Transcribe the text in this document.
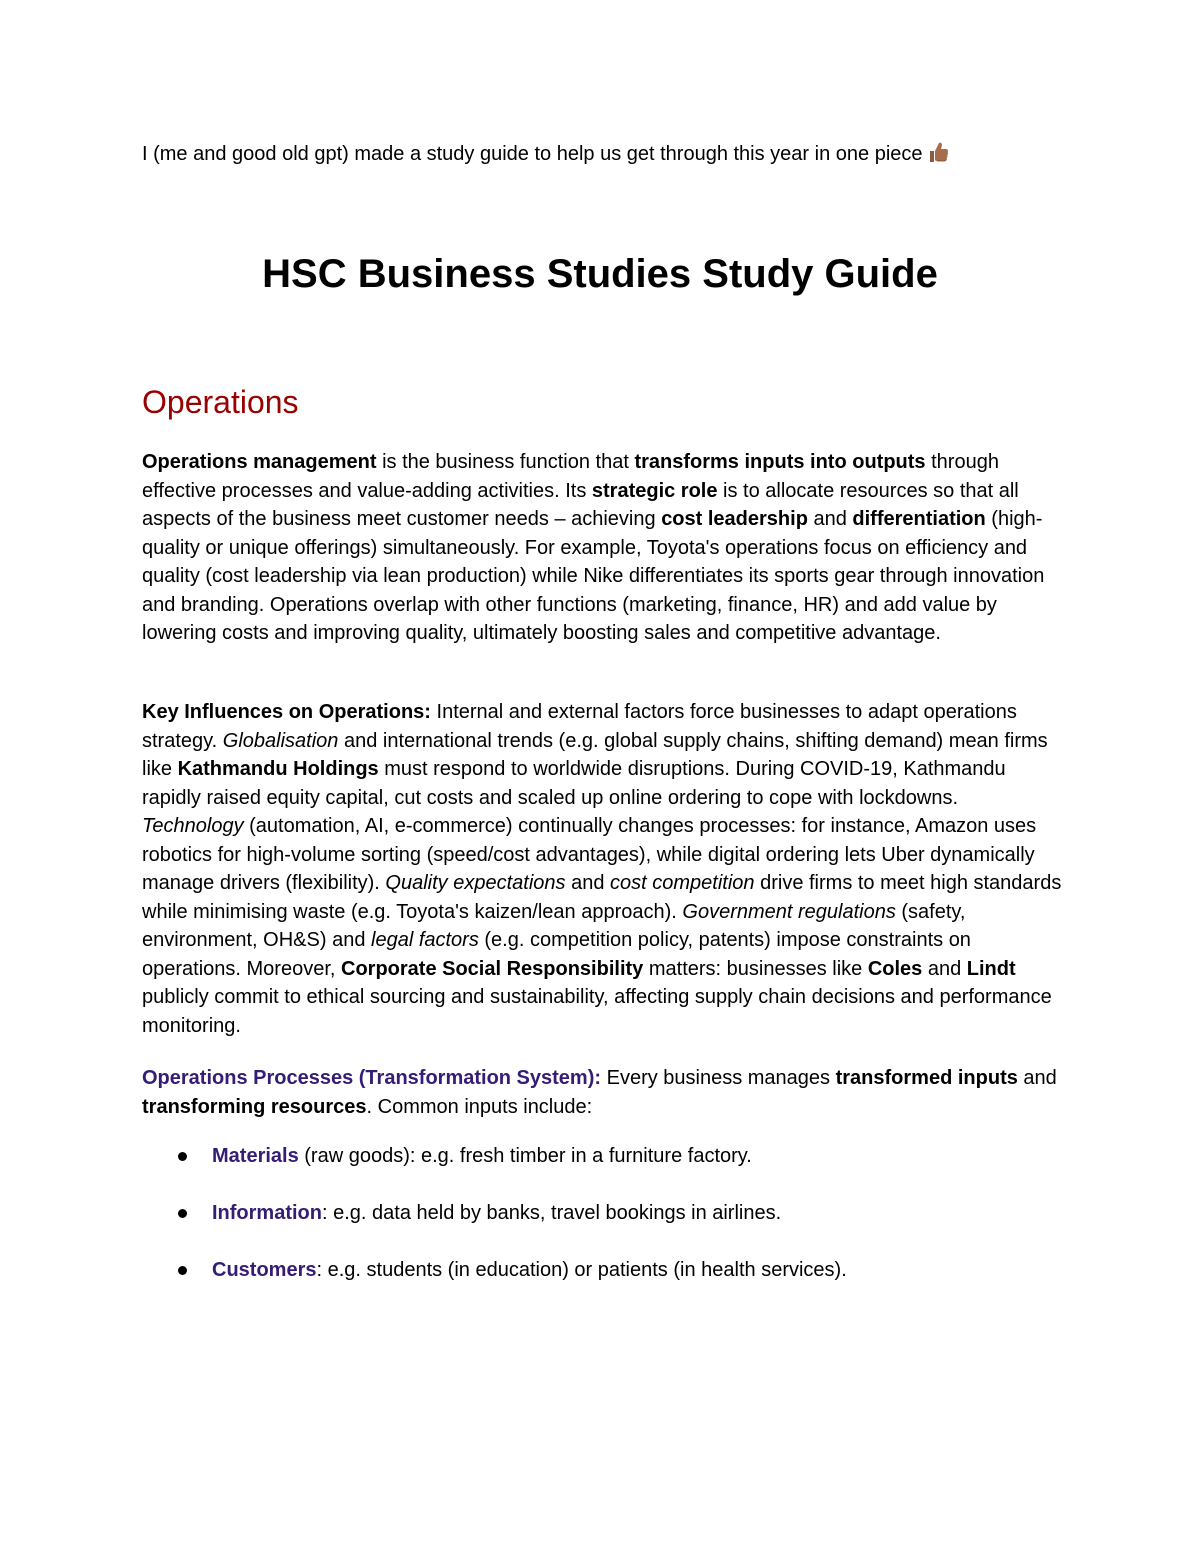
I (me and good old gpt) made a study guide to help us get through this year in one piece

HSC Business Studies Study Guide
Operations

Operations management is the business function that transforms inputs into outputs through effective processes and value-adding activities. Its strategic role is to allocate resources so that all aspects of the business meet customer needs – achieving cost leadership and differentiation (high-quality or unique offerings) simultaneously. For example, Toyota's operations focus on efficiency and quality (cost leadership via lean production) while Nike differentiates its sports gear through innovation and branding. Operations overlap with other functions (marketing, finance, HR) and add value by lowering costs and improving quality, ultimately boosting sales and competitive advantage.

Key Influences on Operations: Internal and external factors force businesses to adapt operations strategy. Globalisation and international trends (e.g. global supply chains, shifting demand) mean firms like Kathmandu Holdings must respond to worldwide disruptions. During COVID-19, Kathmandu rapidly raised equity capital, cut costs and scaled up online ordering to cope with lockdowns. Technology (automation, AI, e-commerce) continually changes processes: for instance, Amazon uses robotics for high-volume sorting (speed/cost advantages), while digital ordering lets Uber dynamically manage drivers (flexibility). Quality expectations and cost competition drive firms to meet high standards while minimising waste (e.g. Toyota's kaizen/lean approach). Government regulations (safety, environment, OH&S) and legal factors (e.g. competition policy, patents) impose constraints on operations. Moreover, Corporate Social Responsibility matters: businesses like Coles and Lindt publicly commit to ethical sourcing and sustainability, affecting supply chain decisions and performance monitoring.

Operations Processes (Transformation System): Every business manages transformed inputs and transforming resources. Common inputs include:

Materials (raw goods): e.g. fresh timber in a furniture factory.
Information: e.g. data held by banks, travel bookings in airlines.
Customers: e.g. students (in education) or patients (in health services).
